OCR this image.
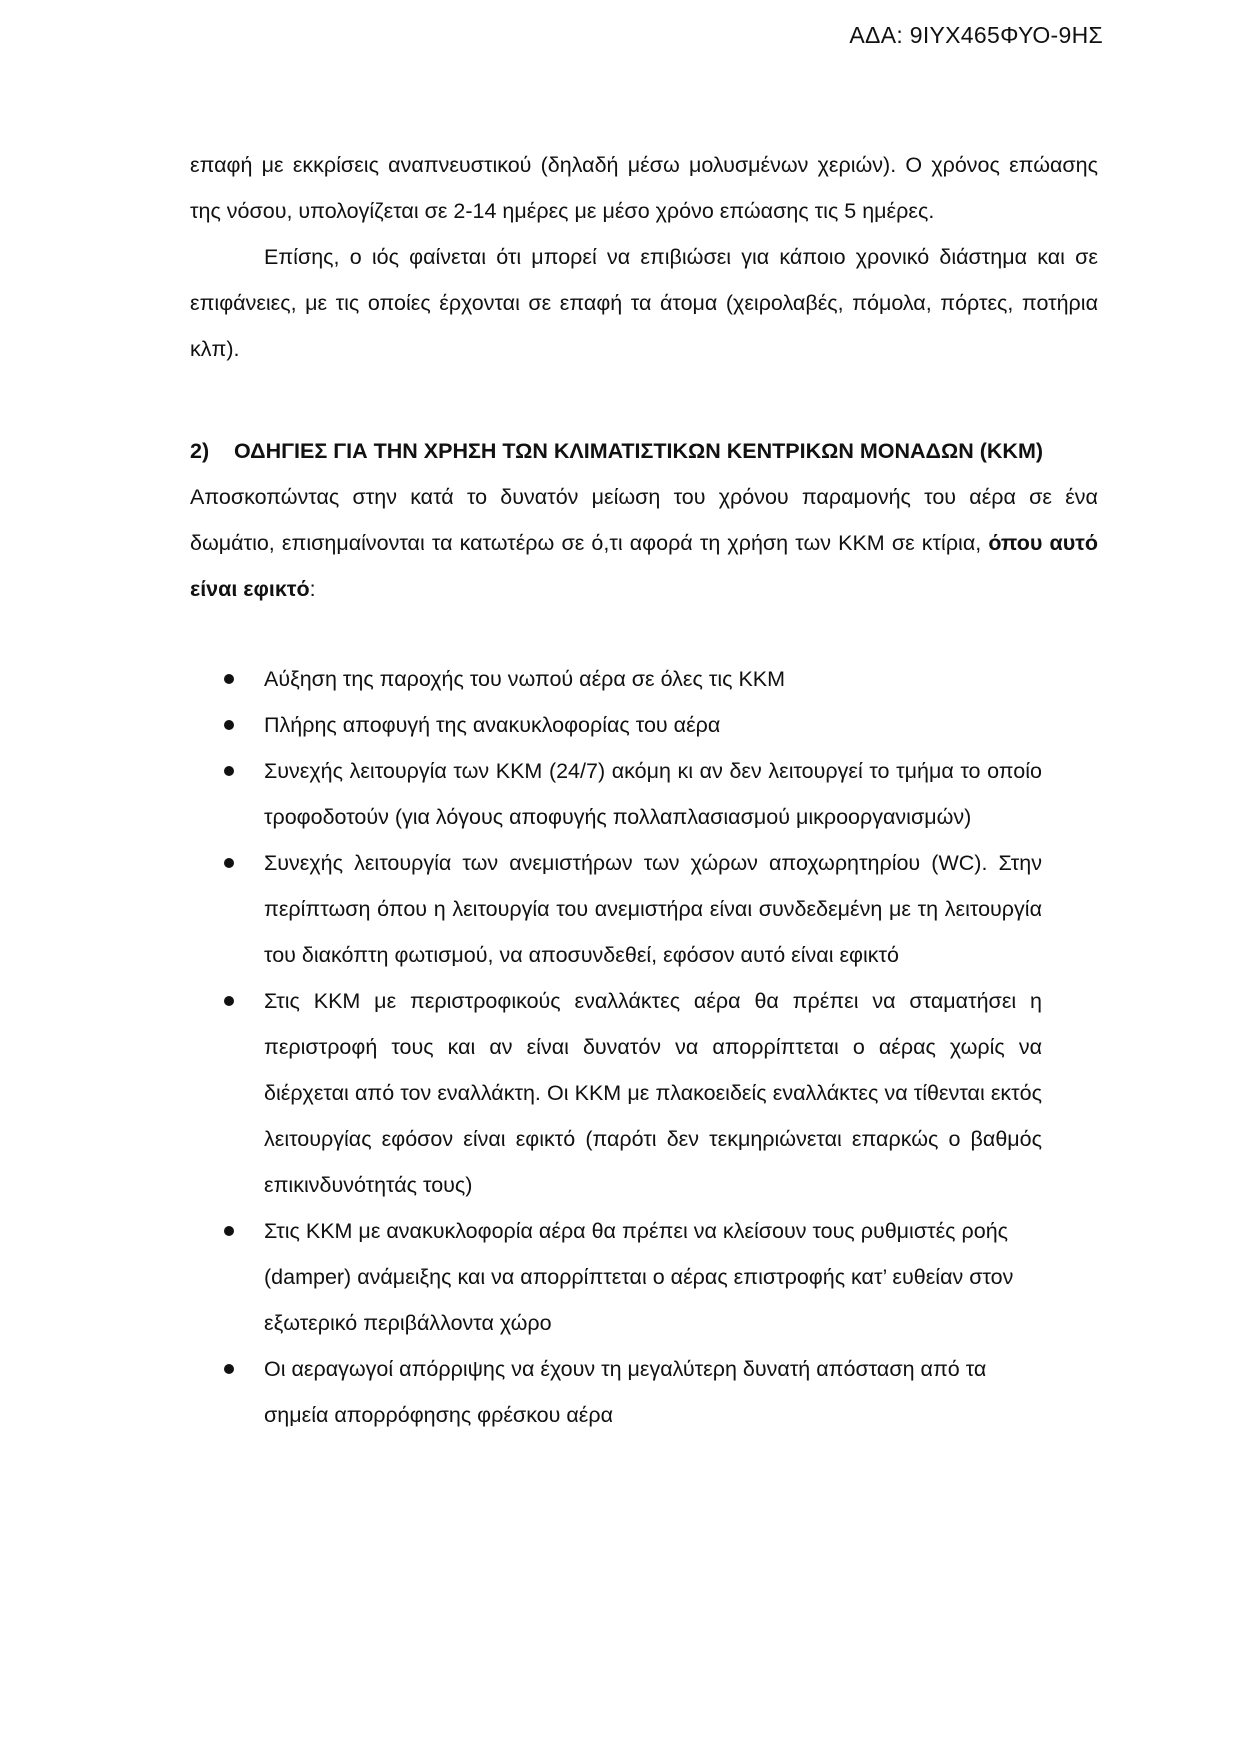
ΑΔΑ: 9ΙΥΧ465ΦΥΟ-9ΗΣ

επαφή με εκκρίσεις αναπνευστικού (δηλαδή μέσω μολυσμένων χεριών). Ο χρόνος επώασης της νόσου, υπολογίζεται σε 2-14 ημέρες με μέσο χρόνο επώασης τις 5 ημέρες.

Επίσης, ο ιός φαίνεται ότι μπορεί να επιβιώσει για κάποιο χρονικό διάστημα και σε επιφάνειες, με τις οποίες έρχονται σε επαφή τα άτομα (χειρολαβές, πόμολα, πόρτες, ποτήρια κλπ).

2)	ΟΔΗΓΙΕΣ ΓΙΑ ΤΗΝ ΧΡΗΣΗ ΤΩΝ ΚΛΙΜΑΤΙΣΤΙΚΩΝ ΚΕΝΤΡΙΚΩΝ ΜΟΝΑΔΩΝ (ΚΚΜ)

Αποσκοπώντας στην κατά το δυνατόν μείωση του χρόνου παραμονής του αέρα σε ένα δωμάτιο, επισημαίνονται τα κατωτέρω σε ό,τι αφορά τη χρήση των ΚΚΜ σε κτίρια, όπου αυτό είναι εφικτό:

Αύξηση της παροχής του νωπού αέρα σε όλες τις ΚΚΜ
Πλήρης αποφυγή της ανακυκλοφορίας του αέρα
Συνεχής λειτουργία των ΚΚΜ (24/7) ακόμη κι αν δεν λειτουργεί το τμήμα το οποίο τροφοδοτούν (για λόγους αποφυγής πολλαπλασιασμού μικροοργανισμών)
Συνεχής λειτουργία των ανεμιστήρων των χώρων αποχωρητηρίου (WC). Στην περίπτωση όπου η λειτουργία του ανεμιστήρα είναι συνδεδεμένη με τη λειτουργία του διακόπτη φωτισμού, να αποσυνδεθεί, εφόσον αυτό είναι εφικτό
Στις ΚΚΜ με περιστροφικούς εναλλάκτες αέρα θα πρέπει να σταματήσει η περιστροφή τους και αν είναι δυνατόν να απορρίπτεται ο αέρας χωρίς να διέρχεται από τον εναλλάκτη. Οι ΚΚΜ με πλακοειδείς εναλλάκτες να τίθενται εκτός λειτουργίας εφόσον είναι εφικτό (παρότι δεν τεκμηριώνεται επαρκώς ο βαθμός επικινδυνότητάς τους)
Στις ΚΚΜ με ανακυκλοφορία αέρα θα πρέπει να κλείσουν τους ρυθμιστές ροής (damper) ανάμειξης και να απορρίπτεται ο αέρας επιστροφής κατ’ ευθείαν στον εξωτερικό περιβάλλοντα χώρο
Οι αεραγωγοί απόρριψης να έχουν τη μεγαλύτερη δυνατή απόσταση από τα σημεία απορρόφησης φρέσκου αέρα
